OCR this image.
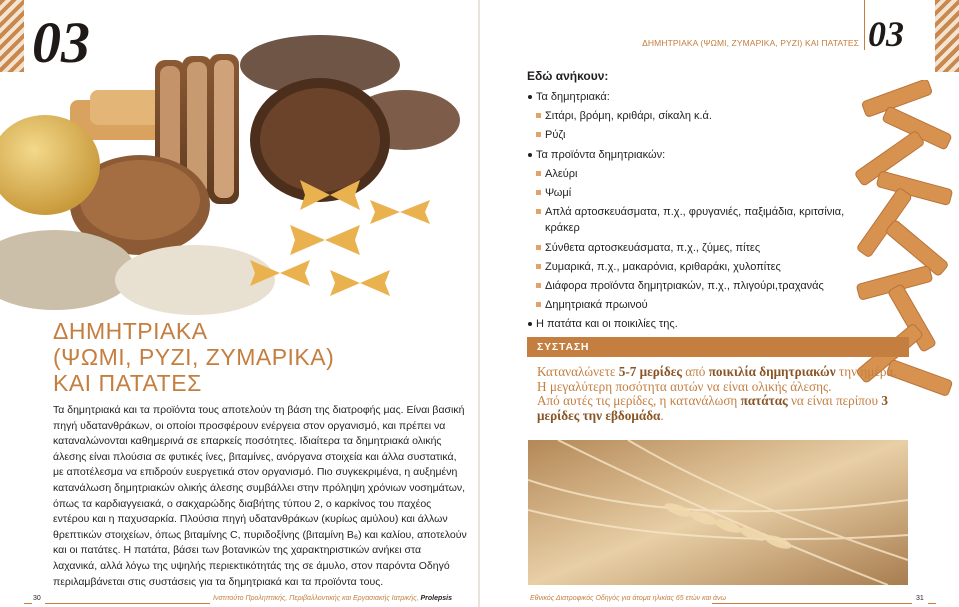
03	03
ΔΗΜΗΤΡΙΑΚΑ (ΨΩΜΙ, ΖΥΜΑΡΙΚΑ, ΡΥΖΙ) ΚΑΙ ΠΑΤΑΤΕΣ
ΔΗΜΗΤΡΙΑΚΑ
(ΨΩΜΙ, ΡΥΖΙ, ΖΥΜΑΡΙΚΑ)
ΚΑΙ ΠΑΤΑΤΕΣ
Τα δημητριακά και τα προϊόντα τους αποτελούν τη βάση της διατροφής μας. Είναι βασική πηγή υδατανθράκων, οι οποίοι προσφέρουν ενέργεια στον οργανισμό, και πρέπει να καταναλώνονται καθημερινά σε επαρκείς ποσότητες. Ιδιαίτερα τα δημητριακά ολικής άλεσης είναι πλούσια σε φυτικές ίνες, βιταμίνες, ανόργανα στοιχεία και άλλα συστατικά, με αποτέλεσμα να επιδρούν ευεργετικά στον οργανισμό. Πιο συγκεκριμένα, η αυξημένη κατανάλωση δημητριακών ολικής άλεσης συμβάλλει στην πρόληψη χρόνιων νοσημάτων, όπως τα καρδιαγγειακά, ο σακχαρώδης διαβήτης τύπου 2, ο καρκίνος του παχέος εντέρου και η παχυσαρκία. Πλούσια πηγή υδατανθράκων (κυρίως αμύλου) και άλλων θρεπτικών στοιχείων, όπως βιταμίνης C, πυριδοξίνης (βιταμίνη B₆) και καλίου, αποτελούν και οι πατάτες. Η πατάτα, βάσει των βοτανικών της χαρακτηριστικών ανήκει στα λαχανικά, αλλά λόγω της υψηλής περιεκτικότητάς της σε άμυλο, στον παρόντα Οδηγό περιλαμβάνεται στις συστάσεις για τα δημητριακά και τα προϊόντα τους.
Εδώ ανήκουν:
Τα δημητριακά:
Σιτάρι, βρόμη, κριθάρι, σίκαλη κ.ά.
Ρύζι
Τα προϊόντα δημητριακών:
Αλεύρι
Ψωμί
Απλά αρτοσκευάσματα, π.χ., φρυγανιές, παξιμάδια, κριτσίνια, κράκερ
Σύνθετα αρτοσκευάσματα, π.χ., ζύμες, πίτες
Ζυμαρικά, π.χ., μακαρόνια, κριθαράκι, χυλοπίτες
Διάφορα προϊόντα δημητριακών, π.χ., πλιγούρι,τραχανάς
Δημητριακά πρωινού
Η πατάτα και οι ποικιλίες της.
ΣΥΣΤΑΣΗ
Καταναλώνετε 5-7 μερίδες από ποικιλία δημητριακών την ημέρα.
Η μεγαλύτερη ποσότητα αυτών να είναι ολικής άλεσης.
Από αυτές τις μερίδες, η κατανάλωση πατάτας να είναι περίπου 3 μερίδες την εβδομάδα.
30	Ινστιτούτο Προληπτικής, Περιβαλλοντικής και Εργασιακής Ιατρικής, Prolepsis	Εθνικός Διατροφικός Οδηγός για άτομα ηλικίας 65 ετών και άνω	31
